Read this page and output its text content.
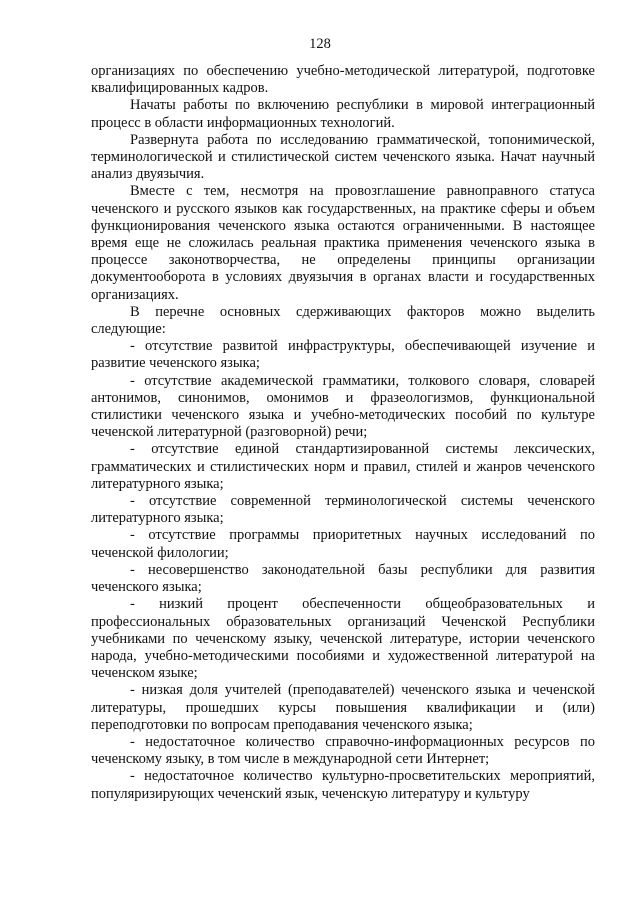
128

организациях по обеспечению учебно-методической литературой, подготовке квалифицированных кадров.

Начаты работы по включению республики в мировой интеграционный процесс в области информационных технологий.

Развернута работа по исследованию грамматической, топонимической, терминологической и стилистической систем чеченского языка. Начат научный анализ двуязычия.

Вместе с тем, несмотря на провозглашение равноправного статуса чеченского и русского языков как государственных, на практике сферы и объем функционирования чеченского языка остаются ограниченными. В настоящее время еще не сложилась реальная практика применения чеченского языка в процессе законотворчества, не определены принципы организации документооборота в условиях двуязычия в органах власти и государственных организациях.

В перечне основных сдерживающих факторов можно выделить следующие:

- отсутствие развитой инфраструктуры, обеспечивающей изучение и развитие чеченского языка;

- отсутствие академической грамматики, толкового словаря, словарей антонимов, синонимов, омонимов и фразеологизмов, функциональной стилистики чеченского языка и учебно-методических пособий по культуре чеченской литературной (разговорной) речи;

- отсутствие единой стандартизированной системы лексических, грамматических и стилистических норм и правил, стилей и жанров чеченского литературного языка;

- отсутствие современной терминологической системы чеченского литературного языка;

- отсутствие программы приоритетных научных исследований по чеченской филологии;

- несовершенство законодательной базы республики для развития чеченского языка;

- низкий процент обеспеченности общеобразовательных и профессиональных образовательных организаций Чеченской Республики учебниками по чеченскому языку, чеченской литературе, истории чеченского народа, учебно-методическими пособиями и художественной литературой на чеченском языке;

- низкая доля учителей (преподавателей) чеченского языка и чеченской литературы, прошедших курсы повышения квалификации и (или) переподготовки по вопросам преподавания чеченского языка;

- недостаточное количество справочно-информационных ресурсов по чеченскому языку, в том числе в международной сети Интернет;

- недостаточное количество культурно-просветительских мероприятий, популяризирующих чеченский язык, чеченскую литературу и культуру
